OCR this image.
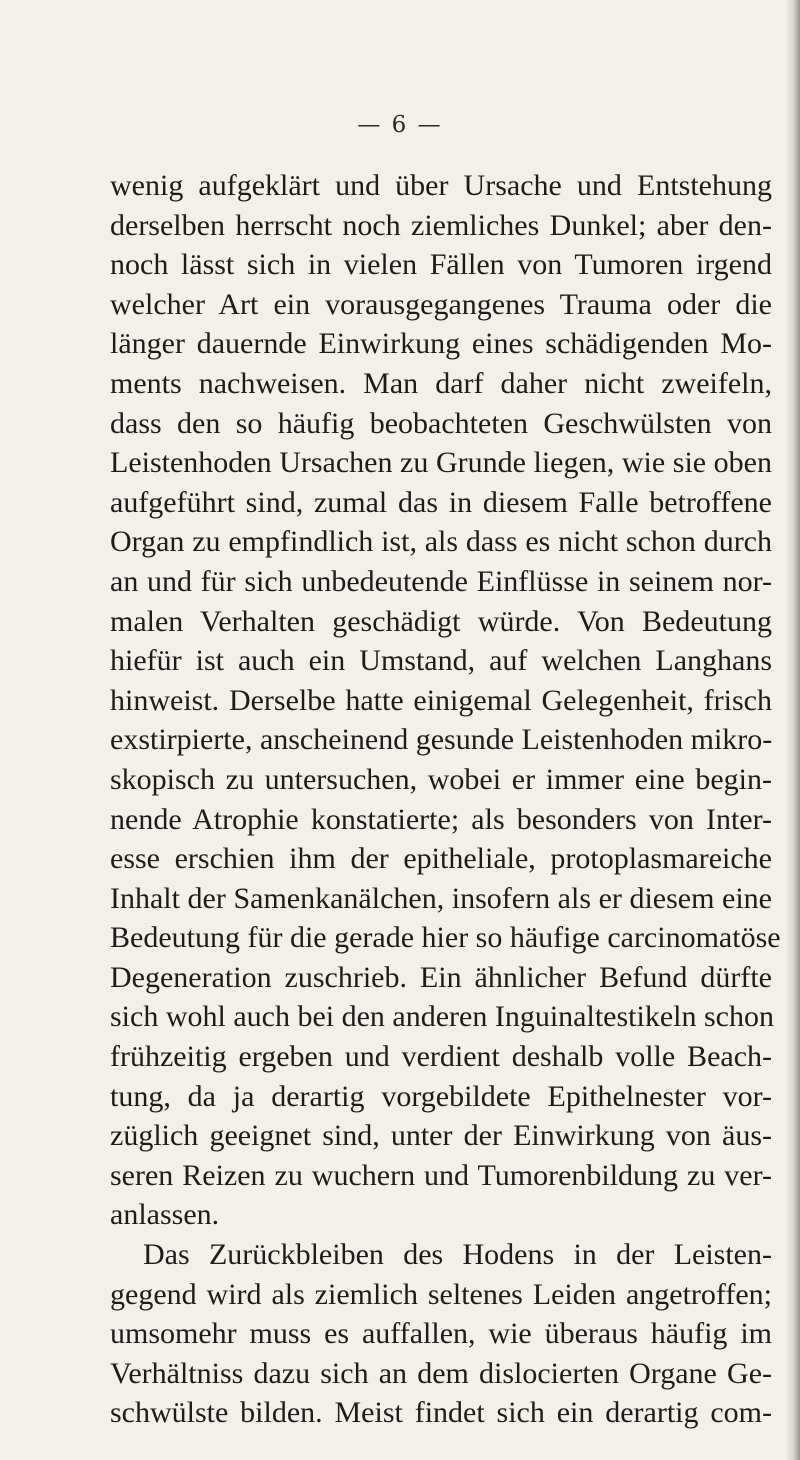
— 6 —

wenig aufgeklärt und über Ursache und Entstehung
derselben herrscht noch ziemliches Dunkel; aber den-
noch lässt sich in vielen Fällen von Tumoren irgend
welcher Art ein vorausgegangenes Trauma oder die
länger dauernde Einwirkung eines schädigenden Mo-
ments nachweisen. Man darf daher nicht zweifeln,
dass den so häufig beobachteten Geschwülsten von
Leistenhoden Ursachen zu Grunde liegen, wie sie oben
aufgeführt sind, zumal das in diesem Falle betroffene
Organ zu empfindlich ist, als dass es nicht schon durch
an und für sich unbedeutende Einflüsse in seinem nor-
malen Verhalten geschädigt würde. Von Bedeutung
hiefür ist auch ein Umstand, auf welchen Langhans
hinweist. Derselbe hatte einigemal Gelegenheit, frisch
exstirpierte, anscheinend gesunde Leistenhoden mikro-
skopisch zu untersuchen, wobei er immer eine begin-
nende Atrophie konstatierte; als besonders von Inter-
esse erschien ihm der epitheliale, protoplasmareiche
Inhalt der Samenkanälchen, insofern als er diesem eine
Bedeutung für die gerade hier so häufige carcinomatöse
Degeneration zuschrieb. Ein ähnlicher Befund dürfte
sich wohl auch bei den anderen Inguinaltestikeln schon
frühzeitig ergeben und verdient deshalb volle Beach-
tung, da ja derartig vorgebildete Epithelnester vor-
züglich geeignet sind, unter der Einwirkung von äus-
seren Reizen zu wuchern und Tumorenbildung zu ver-
anlassen.
Das Zurückbleiben des Hodens in der Leisten-
gegend wird als ziemlich seltenes Leiden angetroffen;
umsomehr muss es auffallen, wie überaus häufig im
Verhältniss dazu sich an dem dislocierten Organe Ge-
schwülste bilden. Meist findet sich ein derartig com-
